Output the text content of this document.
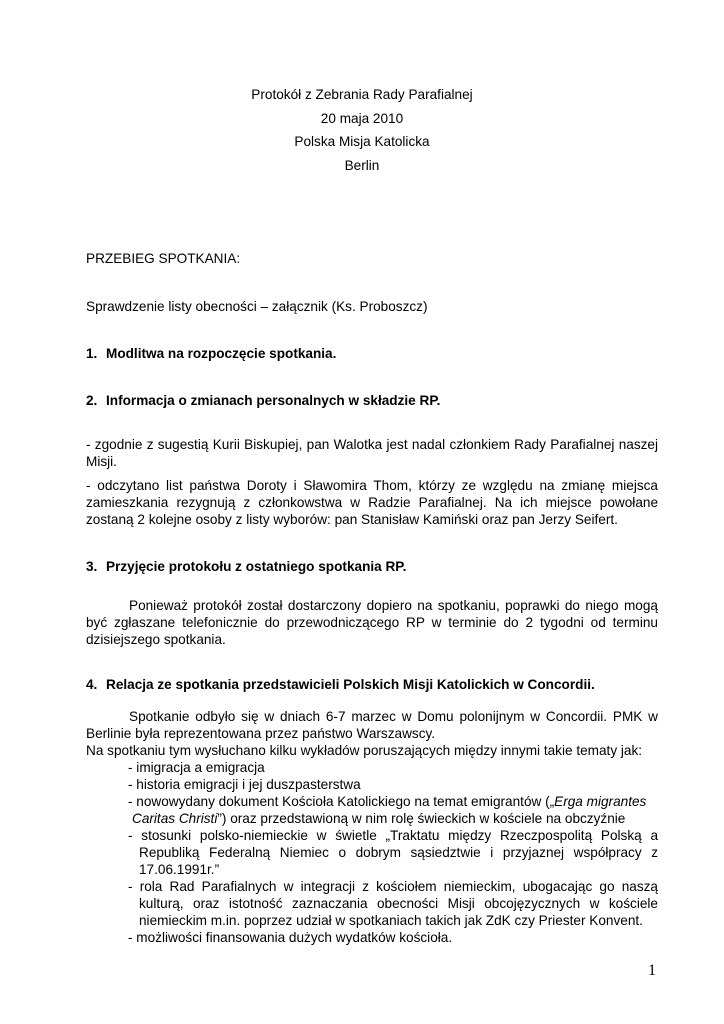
Protokół z Zebrania Rady Parafialnej
20 maja 2010
Polska Misja Katolicka
Berlin
PRZEBIEG SPOTKANIA:
Sprawdzenie listy obecności – załącznik (Ks. Proboszcz)
1. Modlitwa na rozpoczęcie spotkania.
2. Informacja o zmianach personalnych w składzie RP.
- zgodnie z sugestią Kurii Biskupiej, pan Walotka jest nadal członkiem Rady Parafialnej naszej Misji.
- odczytano list państwa Doroty i Sławomira Thom, którzy ze względu na zmianę miejsca zamieszkania rezygnują z członkowstwa w Radzie Parafialnej. Na ich miejsce powołane zostaną 2 kolejne osoby z listy wyborów: pan Stanisław Kamiński oraz pan Jerzy Seifert.
3. Przyjęcie protokołu z ostatniego spotkania RP.
Ponieważ protokół został dostarczony dopiero na spotkaniu, poprawki do niego mogą być zgłaszane telefonicznie do przewodniczącego RP w terminie do 2 tygodni od terminu dzisiejszego spotkania.
4. Relacja ze spotkania przedstawicieli Polskich Misji Katolickich w Concordii.
Spotkanie odbyło się w dniach 6-7 marzec w Domu polonijnym w Concordii. PMK w Berlinie była reprezentowana przez państwo Warszawscy.
Na spotkaniu tym wysłuchano kilku wykładów poruszających między innymi takie tematy jak:
- imigracja a emigracja
- historia emigracji i jej duszpasterstwa
- nowowydany dokument Kościoła Katolickiego na temat emigrantów („Erga migrantes Caritas Christi”) oraz przedstawioną w nim rolę świeckich w kościele na obczyźnie
- stosunki polsko-niemieckie w świetle „Traktatu między Rzeczpospolitą Polską a Republiką Federalną Niemiec o dobrym sąsiedztwie i przyjaznej współpracy z 17.06.1991r.”
- rola Rad Parafialnych w integracji z kościołem niemieckim, ubogacając go naszą kulturą, oraz istotność zaznaczania obecności Misji obcojęzycznych w kościele niemieckim m.in. poprzez udział w spotkaniach takich jak ZdK czy Priester Konvent.
- możliwości finansowania dużych wydatków kościoła.
1
